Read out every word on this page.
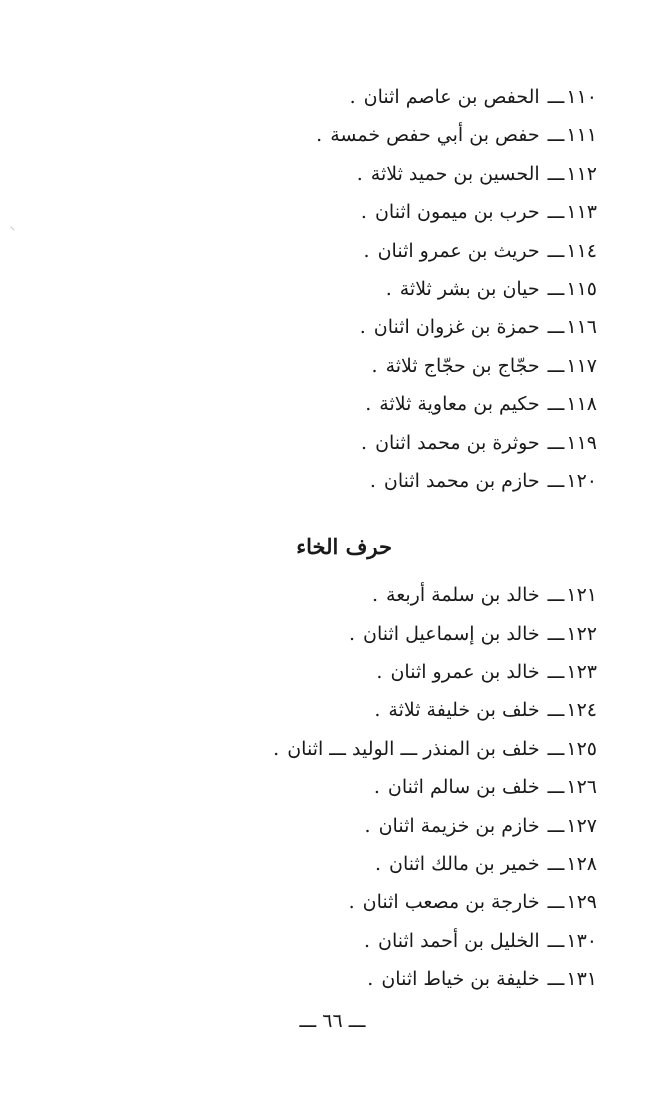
١١٠
ـــ
الحفص بن عاصم اثنان
.
١١١
ـــ
حفص بن أبي حفص خمسة
.
١١٢
ـــ
الحسين بن حميد ثلاثة
.
١١٣
ـــ
حرب بن ميمون اثنان
.
١١٤
ـــ
حريث بن عمرو اثنان
.
١١٥
ـــ
حيان بن بشر ثلاثة
.
١١٦
ـــ
حمزة بن غزوان اثنان
.
١١٧
ـــ
حجّاج بن حجّاج ثلاثة
.
١١٨
ـــ
حكيم بن معاوية ثلاثة
.
١١٩
ـــ
حوثرة بن محمد اثنان
.
١٢٠
ـــ
حازم بن محمد اثنان
.
حرف الخاء
١٢١
ـــ
خالد بن سلمة أربعة
.
١٢٢
ـــ
خالد بن إسماعيل اثنان
.
١٢٣
ـــ
خالد بن عمرو اثنان
.
١٢٤
ـــ
خلف بن خليفة ثلاثة
.
١٢٥
ـــ
خلف بن المنذر ـــ الوليد ـــ اثنان
.
١٢٦
ـــ
خلف بن سالم اثنان
.
١٢٧
ـــ
خازم بن خزيمة اثنان
.
١٢٨
ـــ
خمير بن مالك اثنان
.
١٢٩
ـــ
خارجة بن مصعب اثنان
.
١٣٠
ـــ
الخليل بن أحمد اثنان
.
١٣١
ـــ
خليفة بن خياط اثنان
.
ـــ ٦٦ ـــ
